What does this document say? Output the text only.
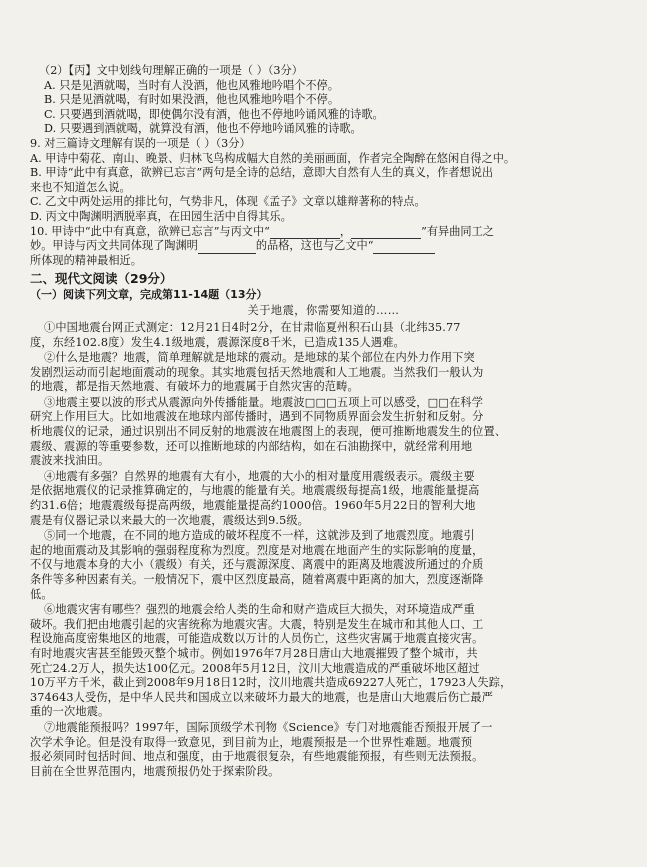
（2）【丙】文中划线句理解正确的一项是（ ）（3分）
A. 只是见酒就喝，当时有人没酒，他也风雅地吟唱个不停。
B. 只是见酒就喝，有时如果没酒，他也风雅地吟唱个不停。
C. 只要遇到酒就喝，即使偶尔没有酒，他也不停地吟诵风雅的诗歌。
D. 只要遇到酒就喝，就算没有酒，他也不停地吟诵风雅的诗歌。
9. 对三篇诗文理解有误的一项是（ ）（3分）
A. 甲诗中菊花、南山、晚景、归林飞鸟构成幅大自然的美丽画面，作者完全陶醉在悠闲自得之中。
B. 甲诗“此中有真意，欲辨已忘言”两句是全诗的总结，意即大自然有人生的真义，作者想说出
来也不知道怎么说。
C. 乙文中两处运用的排比句，气势非凡，体现《孟子》文章以雄辩著称的特点。
D. 丙文中陶渊明洒脱率真，在田园生活中自得其乐。
10. 甲诗中“此中有真意，欲辨已忘言”与丙文中“	，	”有异曲同工之
妙。甲诗与丙文共同体现了陶渊明	的品格，这也与乙文中“
所体现的精神最相近。
二、现代文阅读（29分）
（一）阅读下列文章，完成第11-14题（13分）
关于地震，你需要知道的……
①中国地震台网正式测定：12月21日4时2分，在甘肃临夏州积石山县（北纬35.77
度，东经102.8度）发生4.1级地震，震源深度8千米，已造成135人遇难。
②什么是地震？地震，简单理解就是地球的震动。是地球的某个部位在内外力作用下突
发剧烈运动而引起地面震动的现象。其实地震包括天然地震和人工地震。当然我们一般认为
的地震，都是指天然地震、有破坏力的地震属于自然灾害的范畴。
③地震主要以波的形式从震源向外传播能量。地震波□□□五项上可以感受，□□在科学
研究上作用巨大。比如地震波在地球内部传播时，遇到不同物质界面会发生折射和反射。分
析地震仪的记录，通过识别出不同反射的地震波在地震图上的表现，便可推断地震发生的位置、
震级、震源的等重要参数，还可以推断地球的内部结构，如在石油勘探中，就经常利用地
震波来找油田。
④地震有多强？自然界的地震有大有小，地震的大小的相对量度用震级表示。震级主要
是依据地震仪的记录推算确定的，与地震的能量有关。地震震级每提高1级，地震能量提高
约31.6倍；地震震级每提高两级，地震能量提高约1000倍。1960年5月22日的智利大地
震是有仪器记录以来最大的一次地震，震级达到9.5级。
⑤同一个地震，在不同的地方造成的破坏程度不一样，这就涉及到了地震烈度。地震引
起的地面震动及其影响的强弱程度称为烈度。烈度是对地震在地面产生的实际影响的度量，
不仅与地震本身的大小（震级）有关，还与震源深度、离震中的距离及地震波所通过的介质
条件等多种因素有关。一般情况下，震中区烈度最高，随着离震中距离的加大，烈度逐渐降
低。
⑥地震灾害有哪些？强烈的地震会给人类的生命和财产造成巨大损失，对环境造成严重
破坏。我们把由地震引起的灾害统称为地震灾害。大震，特别是发生在城市和其他人口、工
程设施高度密集地区的地震，可能造成数以万计的人员伤亡，这些灾害属于地震直接灾害。
有时地震灾害甚至能毁灭整个城市。例如1976年7月28日唐山大地震摧毁了整个城市，共
死亡24.2万人，损失达100亿元。2008年5月12日，汶川大地震造成的严重破坏地区超过
10万平方千米，截止到2008年9月18日12时，汶川地震共造成69227人死亡，17923人失踪，
374643人受伤，是中华人民共和国成立以来破坏力最大的地震，也是唐山大地震后伤亡最严
重的一次地震。
⑦地震能预报吗？1997年，国际顶级学术刊物《Science》专门对地震能否预报开展了一
次学术争论。但是没有取得一致意见，到目前为止，地震预报是一个世界性难题。地震预
报必须同时包括时间、地点和强度，由于地震很复杂，有些地震能预报，有些则无法预报。
目前在全世界范围内，地震预报仍处于探索阶段。
